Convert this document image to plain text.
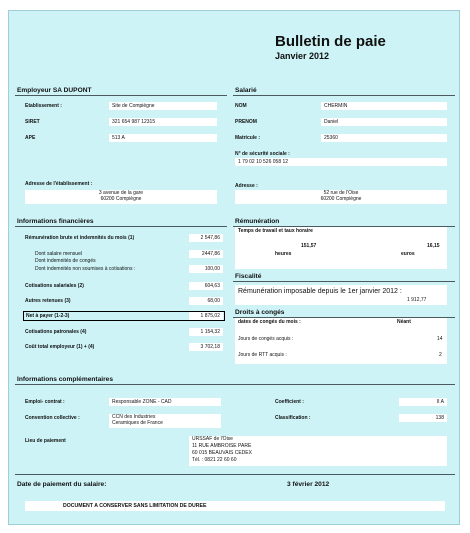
Bulletin de paie
Janvier 2012
Employeur SA DUPONT
Etablissement :	Site de Compiègne
SIRET	321 654 987 12315
APE	513 A
Adresse de l'établissement :
3 avenue de la gare
60200 Compiègne
Salarié
NOM	CHERMIN
PRENOM	Daniel
Matricule :	25360
N° de sécurité sociale :
1 79 02 10 526 058 12
Adresse :
52 rue de l'Oise
60200 Compiègne
Informations financières
Rémunération brute et indemnités du mois (1)	2 547,86
Dont salaire mensuel	2447,86
Dont indemnités de congés
Dont indemnités non soumises à cotisations :	100,00
Cotisations salariales (2)	604,63
Autres retenues (3)	68,00
Net à payer (1-2-3)	1 875,02
Cotisations patronales (4)	1 154,32
Coût total employeur (1) + (4)	3 702,18
Rémunération
Temps de travail et taux horaire
151,57
heures
16,15
euros
Fiscalité
Rémunération imposable depuis le 1er janvier 2012 :
1 912,77
Droits à congés
dates de congés du mois :	Néant
Jours de congés acquis :	14
Jours de RTT acquis :	2
Informations complémentaires
Emploi- contrat :	Responsable ZONE - CAD	Coefficient :	II A
Convention collective :	CCN des Industries
Ceramiques de France
Classification :	138
Lieu de paiement	URSSAF de l'Oise
11 RUE AMBROISE PARE
60 015 BEAUVAIS CEDEX
Tél. : 0821 22 60 60
Date de paiement du salaire:	3 février 2012
DOCUMENT A CONSERVER SANS LIMITATION DE DUREE
